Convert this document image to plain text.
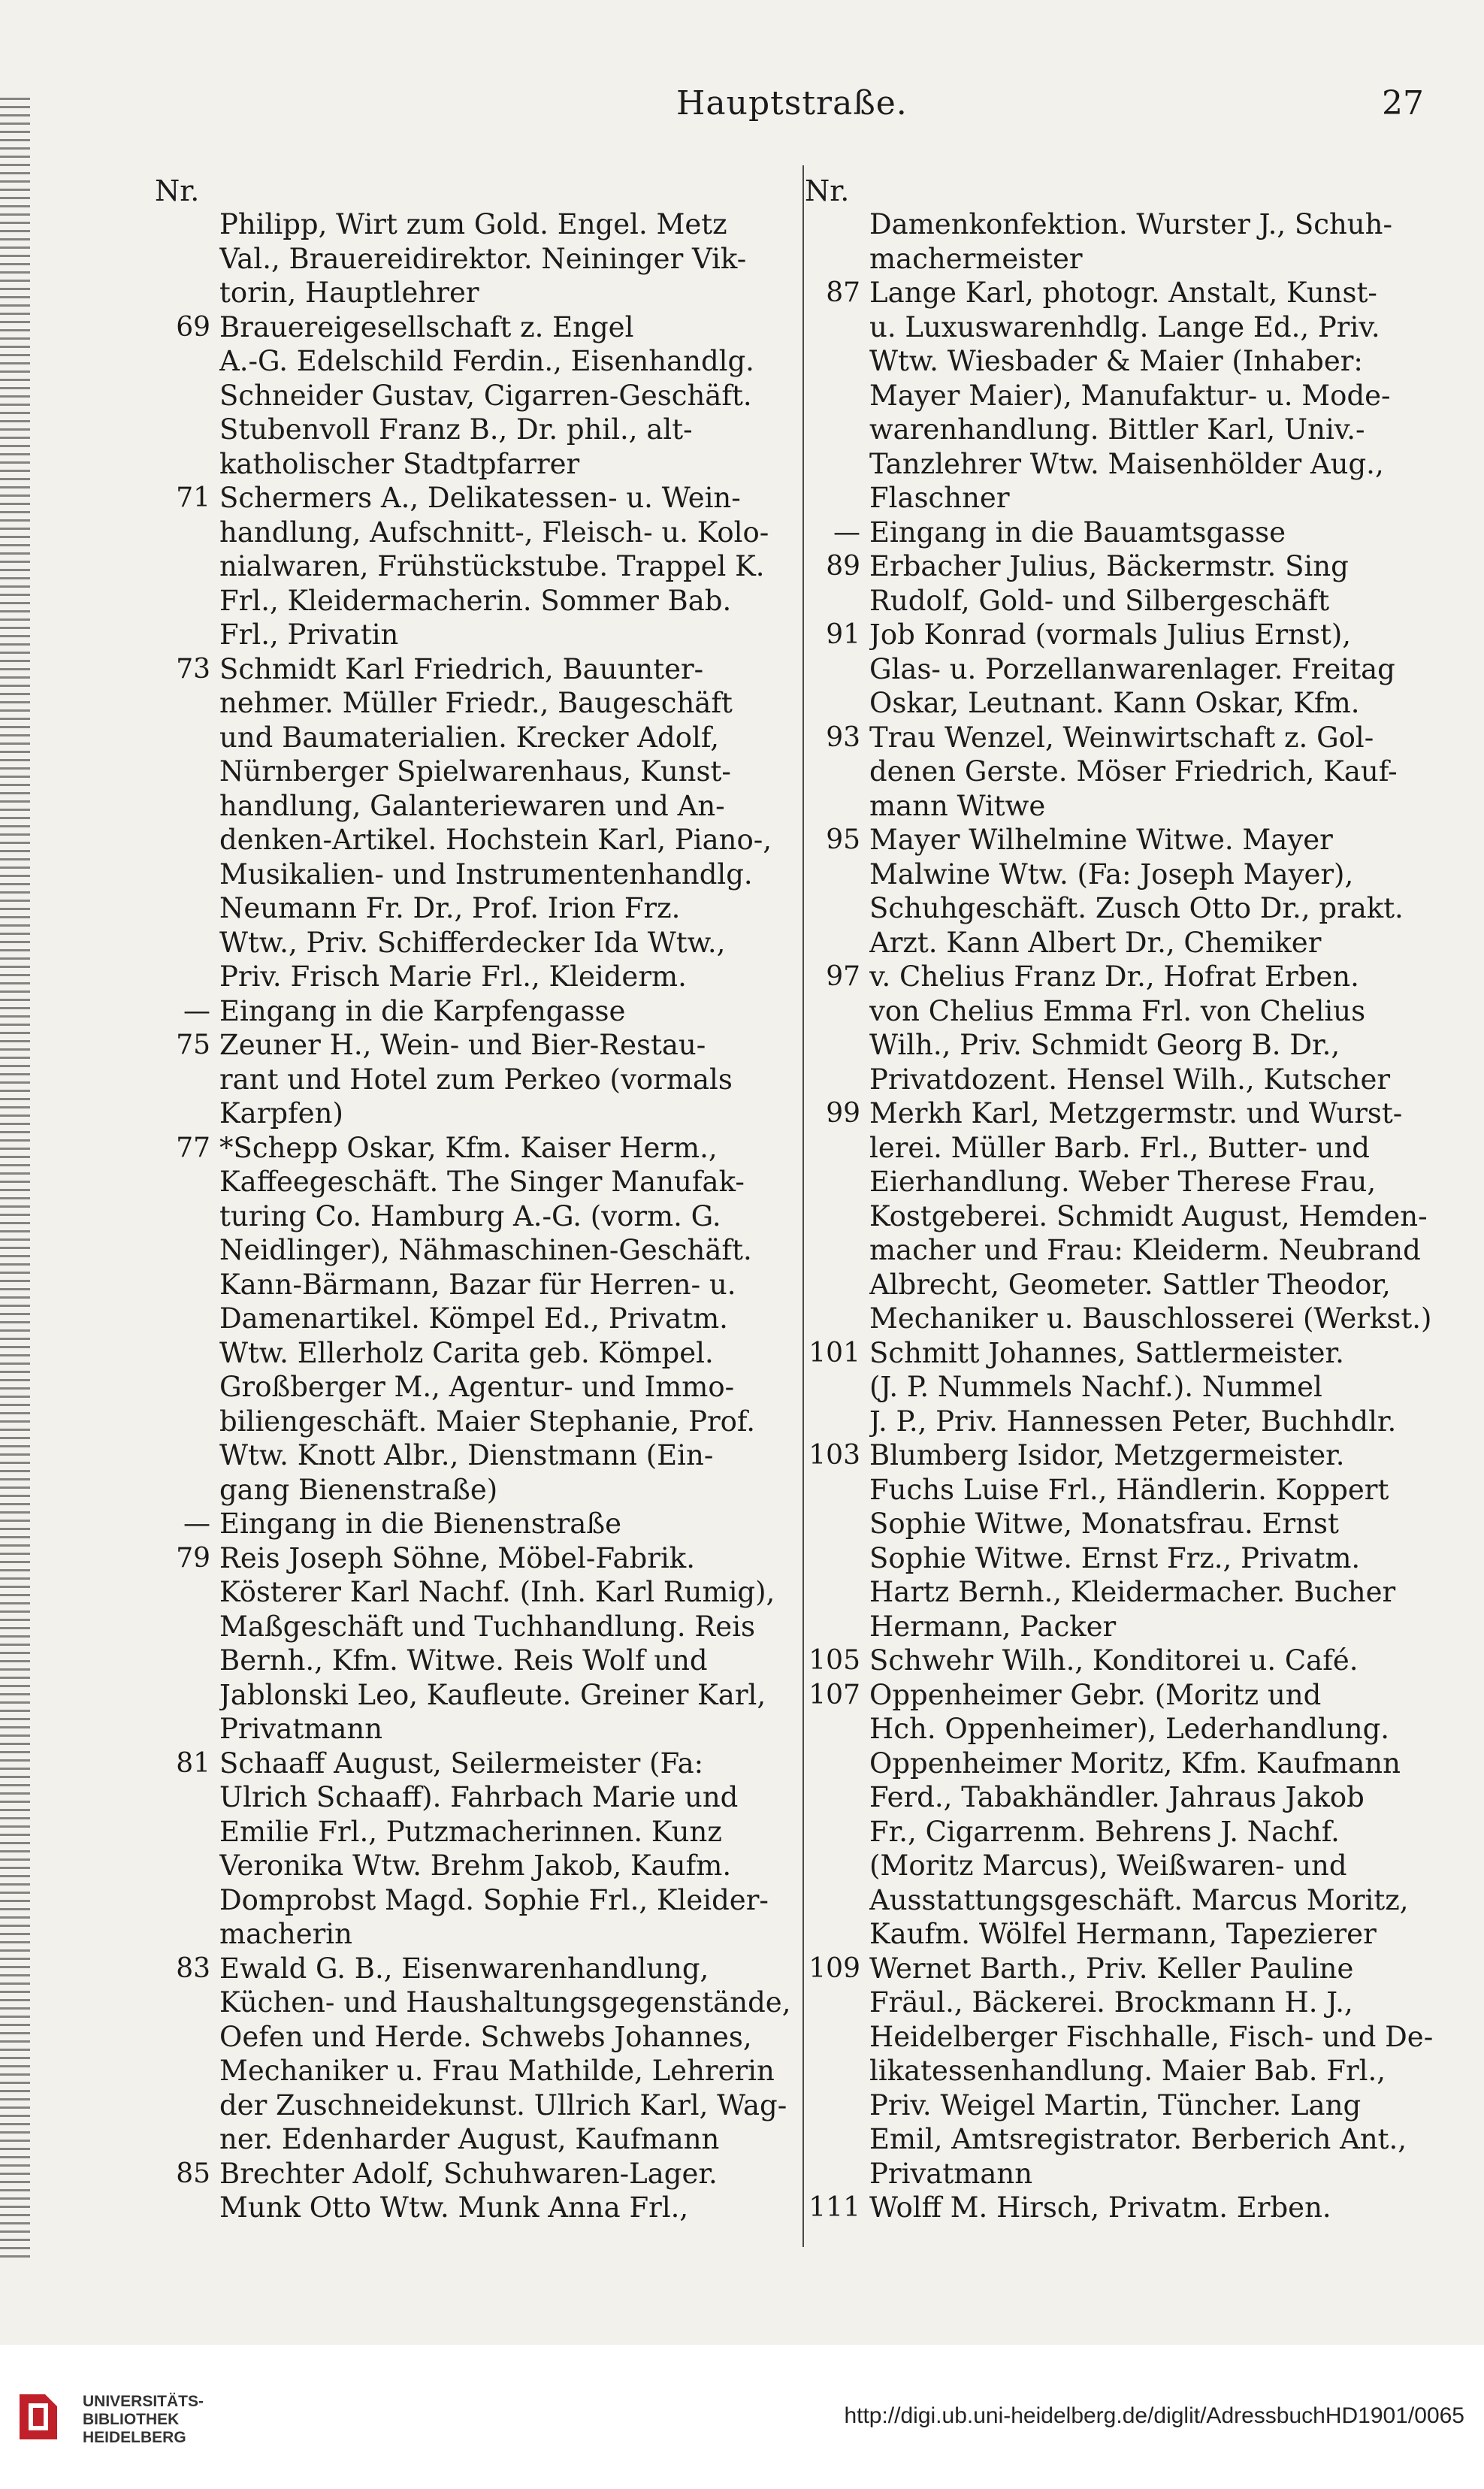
Hauptstraße.	27
Nr.
Philipp, Wirt zum Gold. Engel. Metz
Val., Brauereidirektor. Neininger Vik-
torin, Hauptlehrer
69 Brauereigesellschaft z. Engel
A.-G. Edelschild Ferdin., Eisenhandlg.
Schneider Gustav, Cigarren-Geschäft.
Stubenvoll Franz B., Dr. phil., alt-
katholischer Stadtpfarrer
71 Schermers A., Delikatessen- u. Wein-
handlung, Aufschnitt-, Fleisch- u. Kolo-
nialwaren, Frühstückstube. Trappel K.
Frl., Kleidermacherin. Sommer Bab.
Frl., Privatin
73 Schmidt Karl Friedrich, Bauunter-
nehmer. Müller Friedr., Baugeschäft
und Baumaterialien. Krecker Adolf,
Nürnberger Spielwarenhaus, Kunst-
handlung, Galanteriewaren und An-
denken-Artikel. Hochstein Karl, Piano-,
Musikalien- und Instrumentenhandlg.
Neumann Fr. Dr., Prof. Irion Frz.
Wtw., Priv. Schifferdecker Ida Wtw.,
Priv. Frisch Marie Frl., Kleiderm.
— Eingang in die Karpfengasse
75 Zeuner H., Wein- und Bier-Restau-
rant und Hotel zum Perkeo (vormals
Karpfen)
77 *Schepp Oskar, Kfm. Kaiser Herm.,
Kaffeegeschäft. The Singer Manufak-
turing Co. Hamburg A.-G. (vorm. G.
Neidlinger), Nähmaschinen-Geschäft.
Kann-Bärmann, Bazar für Herren- u.
Damenartikel. Kömpel Ed., Privatm.
Wtw. Ellerholz Carita geb. Kömpel.
Großberger M., Agentur- und Immo-
biliengeschäft. Maier Stephanie, Prof.
Wtw. Knott Albr., Dienstmann (Ein-
gang Bienenstraße)
— Eingang in die Bienenstraße
79 Reis Joseph Söhne, Möbel-Fabrik.
Kösterer Karl Nachf. (Inh. Karl Rumig),
Maßgeschäft und Tuchhandlung. Reis
Bernh., Kfm. Witwe. Reis Wolf und
Jablonski Leo, Kaufleute. Greiner Karl,
Privatmann
81 Schaaff August, Seilermeister (Fa:
Ulrich Schaaff). Fahrbach Marie und
Emilie Frl., Putzmacherinnen. Kunz
Veronika Wtw. Brehm Jakob, Kaufm.
Domprobst Magd. Sophie Frl., Kleider-
macherin
83 Ewald G. B., Eisenwarenhandlung,
Küchen- und Haushaltungsgegenstände,
Oefen und Herde. Schwebs Johannes,
Mechaniker u. Frau Mathilde, Lehrerin
der Zuschneidekunst. Ullrich Karl, Wag-
ner. Edenharder August, Kaufmann
85 Brechter Adolf, Schuhwaren-Lager.
Munk Otto Wtw. Munk Anna Frl.,
Nr.
Damenkonfektion. Wurster J., Schuh-
machermeister
87 Lange Karl, photogr. Anstalt, Kunst-
u. Luxuswarenhdlg. Lange Ed., Priv.
Wtw. Wiesbader & Maier (Inhaber:
Mayer Maier), Manufaktur- u. Mode-
warenhandlung. Bittler Karl, Univ.-
Tanzlehrer Wtw. Maisenhölder Aug.,
Flaschner
— Eingang in die Bauamtsgasse
89 Erbacher Julius, Bäckermstr. Sing
Rudolf, Gold- und Silbergeschäft
91 Job Konrad (vormals Julius Ernst),
Glas- u. Porzellanwarenlager. Freitag
Oskar, Leutnant. Kann Oskar, Kfm.
93 Trau Wenzel, Weinwirtschaft z. Gol-
denen Gerste. Möser Friedrich, Kauf-
mann Witwe
95 Mayer Wilhelmine Witwe. Mayer
Malwine Wtw. (Fa: Joseph Mayer),
Schuhgeschäft. Zusch Otto Dr., prakt.
Arzt. Kann Albert Dr., Chemiker
97 v. Chelius Franz Dr., Hofrat Erben.
von Chelius Emma Frl. von Chelius
Wilh., Priv. Schmidt Georg B. Dr.,
Privatdozent. Hensel Wilh., Kutscher
99 Merkh Karl, Metzgermstr. und Wurst-
lerei. Müller Barb. Frl., Butter- und
Eierhandlung. Weber Therese Frau,
Kostgeberei. Schmidt August, Hemden-
macher und Frau: Kleiderm. Neubrand
Albrecht, Geometer. Sattler Theodor,
Mechaniker u. Bauschlosserei (Werkst.)
101 Schmitt Johannes, Sattlermeister.
(J. P. Nummels Nachf.). Nummel
J. P., Priv. Hannessen Peter, Buchhdlr.
103 Blumberg Isidor, Metzgermeister.
Fuchs Luise Frl., Händlerin. Koppert
Sophie Witwe, Monatsfrau. Ernst
Sophie Witwe. Ernst Frz., Privatm.
Hartz Bernh., Kleidermacher. Bucher
Hermann, Packer
105 Schwehr Wilh., Konditorei u. Café.
107 Oppenheimer Gebr. (Moritz und
Hch. Oppenheimer), Lederhandlung.
Oppenheimer Moritz, Kfm. Kaufmann
Ferd., Tabakhändler. Jahraus Jakob
Fr., Cigarrenm. Behrens J. Nachf.
(Moritz Marcus), Weißwaren- und
Ausstattungsgeschäft. Marcus Moritz,
Kaufm. Wölfel Hermann, Tapezierer
109 Wernet Barth., Priv. Keller Pauline
Fräul., Bäckerei. Brockmann H. J.,
Heidelberger Fischhalle, Fisch- und De-
likatessenhandlung. Maier Bab. Frl.,
Priv. Weigel Martin, Tüncher. Lang
Emil, Amtsregistrator. Berberich Ant.,
Privatmann
111 Wolff M. Hirsch, Privatm. Erben.
UNIVERSITÄTS-
BIBLIOTHEK
HEIDELBERG
http://digi.ub.uni-heidelberg.de/diglit/AdressbuchHD1901/0065
